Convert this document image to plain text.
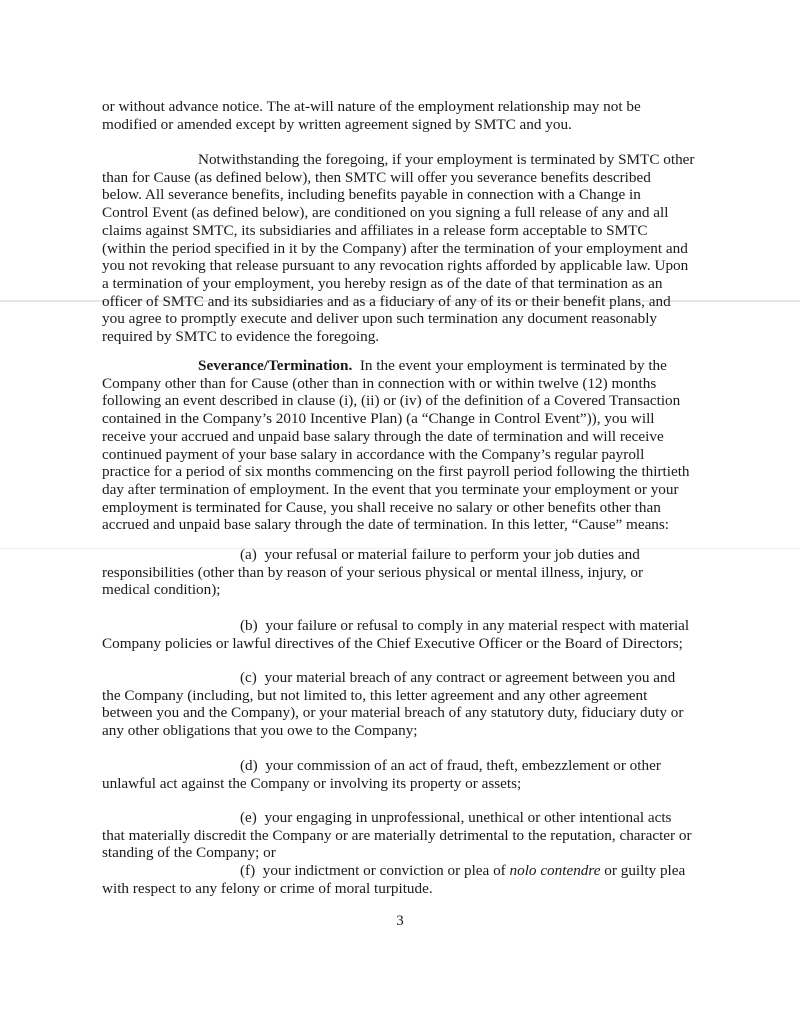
or without advance notice. The at-will nature of the employment relationship may not be
modified or amended except by written agreement signed by SMTC and you.

Notwithstanding the foregoing, if your employment is terminated by SMTC other
than for Cause (as defined below), then SMTC will offer you severance benefits described
below. All severance benefits, including benefits payable in connection with a Change in
Control Event (as defined below), are conditioned on you signing a full release of any and all
claims against SMTC, its subsidiaries and affiliates in a release form acceptable to SMTC
(within the period specified in it by the Company) after the termination of your employment and
you not revoking that release pursuant to any revocation rights afforded by applicable law. Upon
a termination of your employment, you hereby resign as of the date of that termination as an
officer of SMTC and its subsidiaries and as a fiduciary of any of its or their benefit plans, and
you agree to promptly execute and deliver upon such termination any document reasonably
required by SMTC to evidence the foregoing.

Severance/Termination.  In the event your employment is terminated by the
Company other than for Cause (other than in connection with or within twelve (12) months
following an event described in clause (i), (ii) or (iv) of the definition of a Covered Transaction
contained in the Company’s 2010 Incentive Plan) (a “Change in Control Event”)), you will
receive your accrued and unpaid base salary through the date of termination and will receive
continued payment of your base salary in accordance with the Company’s regular payroll
practice for a period of six months commencing on the first payroll period following the thirtieth
day after termination of employment. In the event that you terminate your employment or your
employment is terminated for Cause, you shall receive no salary or other benefits other than
accrued and unpaid base salary through the date of termination. In this letter, “Cause” means:

(a) your refusal or material failure to perform your job duties and
responsibilities (other than by reason of your serious physical or mental illness, injury, or
medical condition);

(b) your failure or refusal to comply in any material respect with material
Company policies or lawful directives of the Chief Executive Officer or the Board of Directors;

(c) your material breach of any contract or agreement between you and
the Company (including, but not limited to, this letter agreement and any other agreement
between you and the Company), or your material breach of any statutory duty, fiduciary duty or
any other obligations that you owe to the Company;

(d) your commission of an act of fraud, theft, embezzlement or other
unlawful act against the Company or involving its property or assets;

(e) your engaging in unprofessional, unethical or other intentional acts
that materially discredit the Company or are materially detrimental to the reputation, character or
standing of the Company; or

(f) your indictment or conviction or plea of nolo contendre or guilty plea
with respect to any felony or crime of moral turpitude.

3
